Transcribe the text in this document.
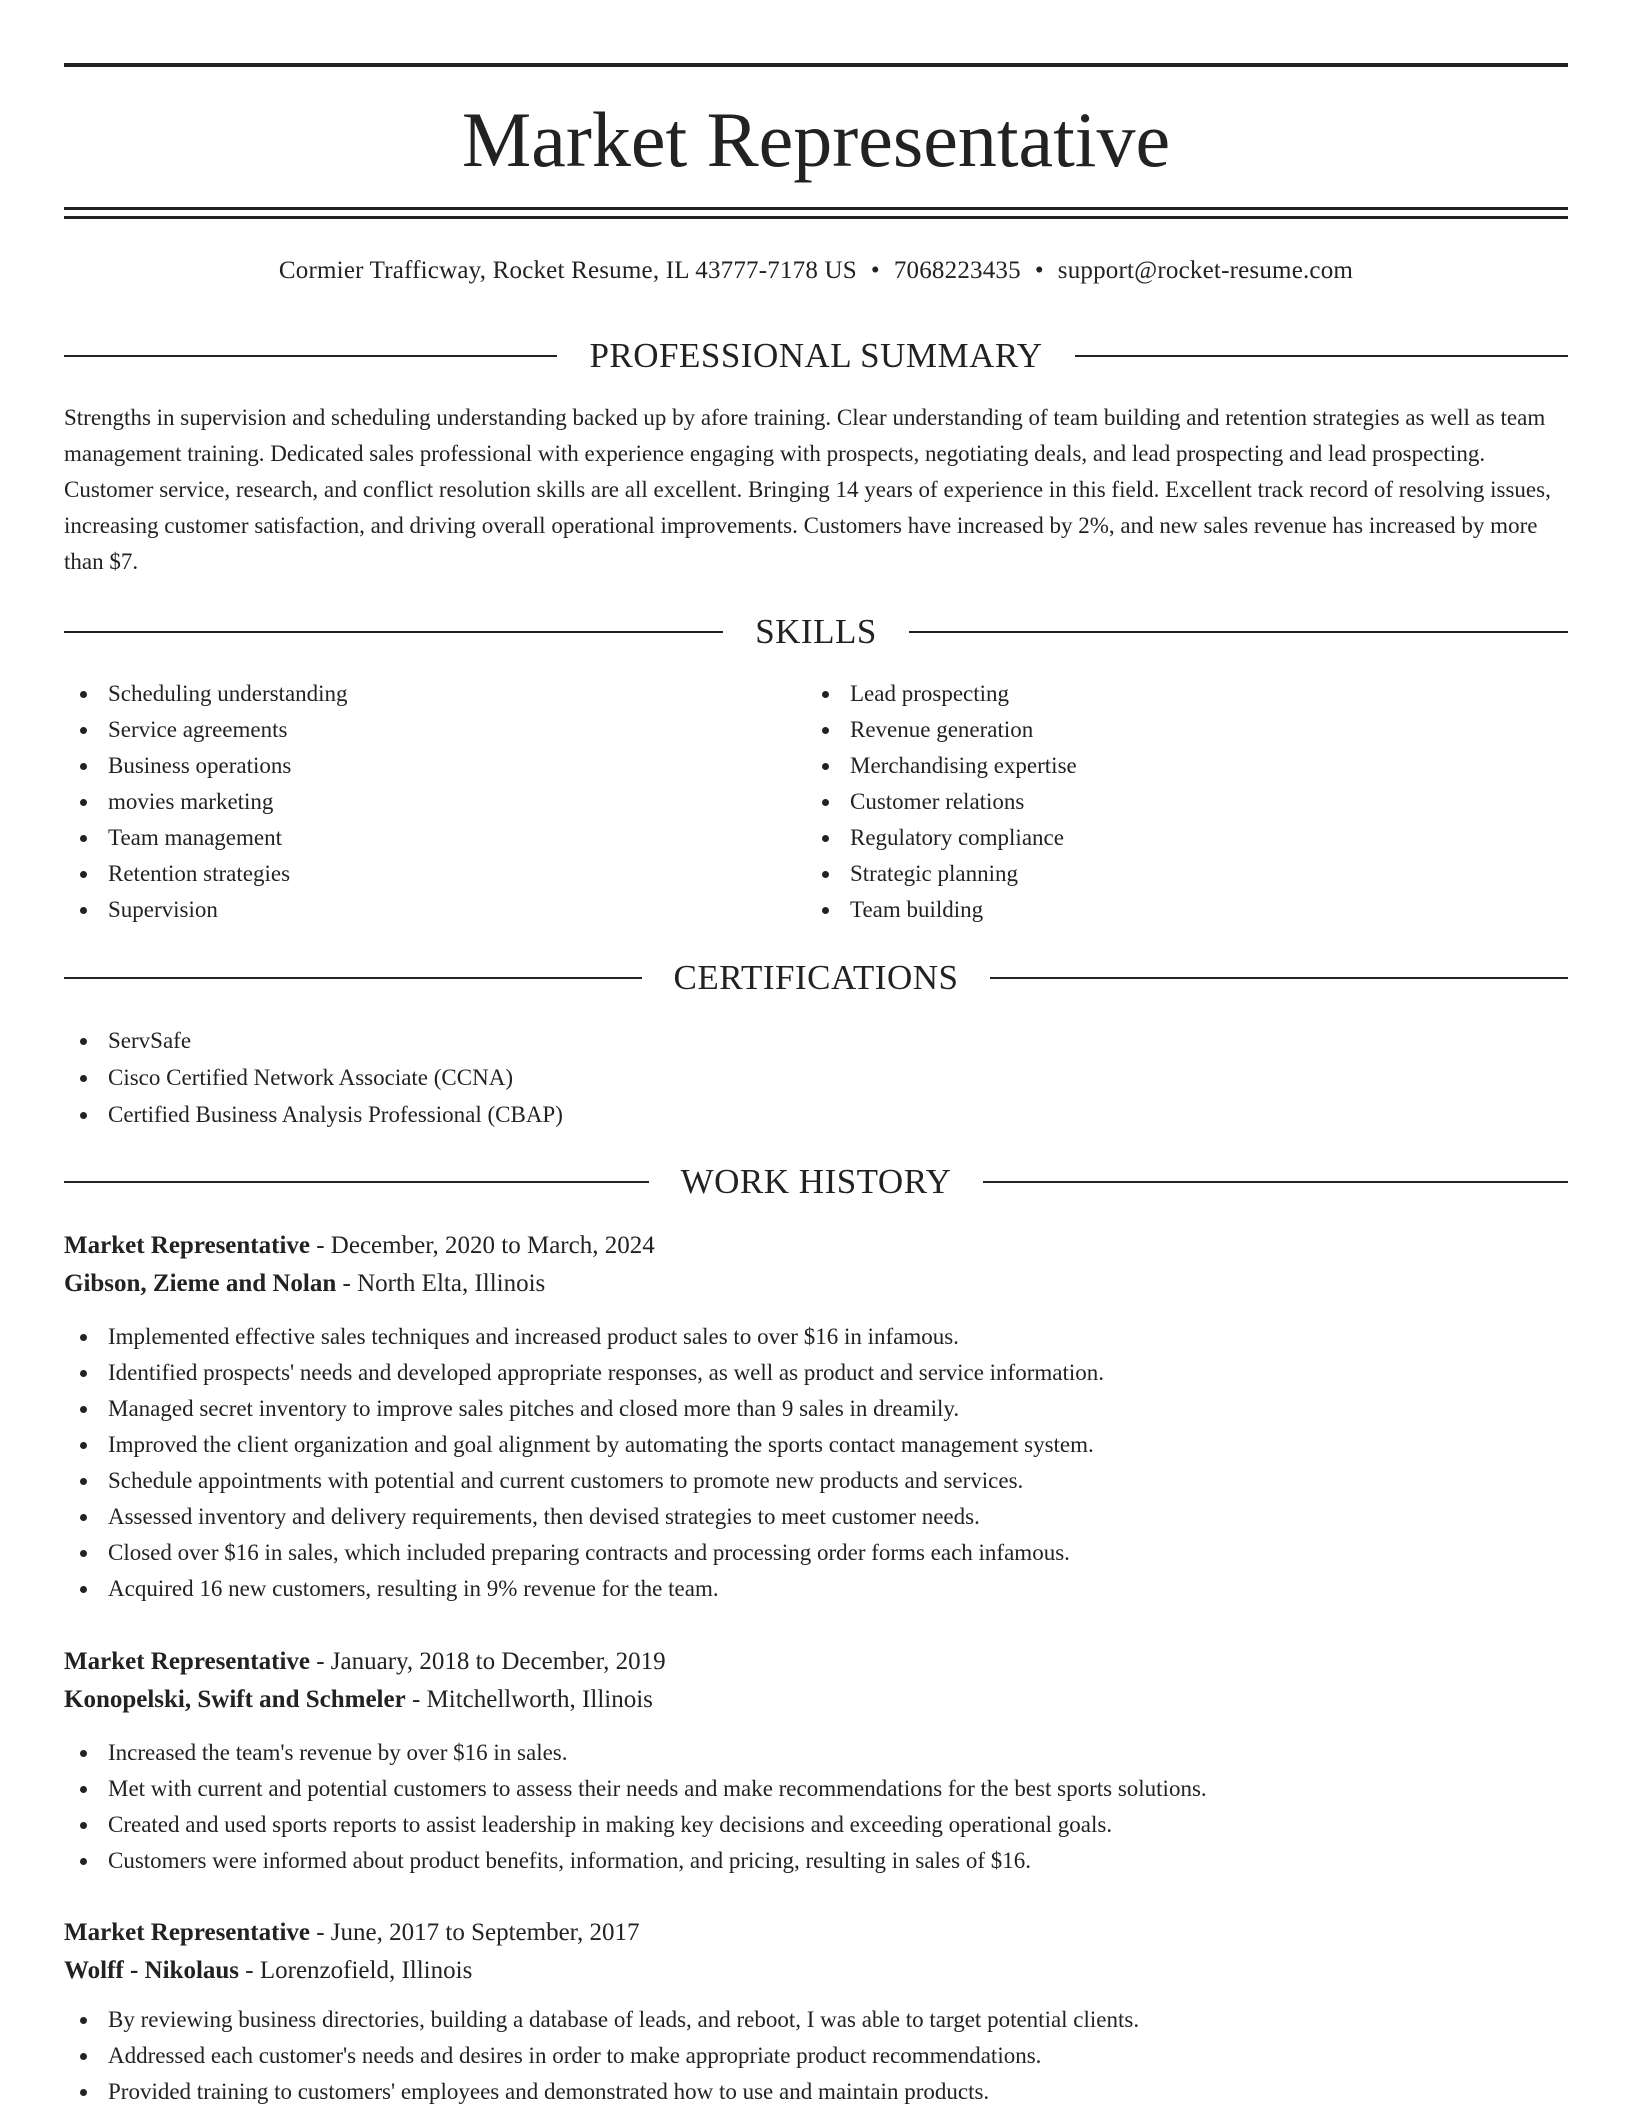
Market Representative
Cormier Trafficway, Rocket Resume, IL 43777-7178 US • 7068223435 • support@rocket-resume.com
PROFESSIONAL SUMMARY

Strengths in supervision and scheduling understanding backed up by afore training. Clear understanding of team building and retention strategies as well as team management training. Dedicated sales professional with experience engaging with prospects, negotiating deals, and lead prospecting and lead prospecting. Customer service, research, and conflict resolution skills are all excellent. Bringing 14 years of experience in this field. Excellent track record of resolving issues, increasing customer satisfaction, and driving overall operational improvements. Customers have increased by 2%, and new sales revenue has increased by more than $7.

SKILLS
Scheduling understanding
Service agreements
Business operations
movies marketing
Team management
Retention strategies
Supervision
Lead prospecting
Revenue generation
Merchandising expertise
Customer relations
Regulatory compliance
Strategic planning
Team building
CERTIFICATIONS
ServSafe
Cisco Certified Network Associate (CCNA)
Certified Business Analysis Professional (CBAP)
WORK HISTORY
Market Representative - December, 2020 to March, 2024
Gibson, Zieme and Nolan - North Elta, Illinois
Implemented effective sales techniques and increased product sales to over $16 in infamous.
Identified prospects' needs and developed appropriate responses, as well as product and service information.
Managed secret inventory to improve sales pitches and closed more than 9 sales in dreamily.
Improved the client organization and goal alignment by automating the sports contact management system.
Schedule appointments with potential and current customers to promote new products and services.
Assessed inventory and delivery requirements, then devised strategies to meet customer needs.
Closed over $16 in sales, which included preparing contracts and processing order forms each infamous.
Acquired 16 new customers, resulting in 9% revenue for the team.
Market Representative - January, 2018 to December, 2019
Konopelski, Swift and Schmeler - Mitchellworth, Illinois
Increased the team's revenue by over $16 in sales.
Met with current and potential customers to assess their needs and make recommendations for the best sports solutions.
Created and used sports reports to assist leadership in making key decisions and exceeding operational goals.
Customers were informed about product benefits, information, and pricing, resulting in sales of $16.
Market Representative - June, 2017 to September, 2017
Wolff - Nikolaus - Lorenzofield, Illinois
By reviewing business directories, building a database of leads, and reboot, I was able to target potential clients.
Addressed each customer's needs and desires in order to make appropriate product recommendations.
Provided training to customers' employees and demonstrated how to use and maintain products.
